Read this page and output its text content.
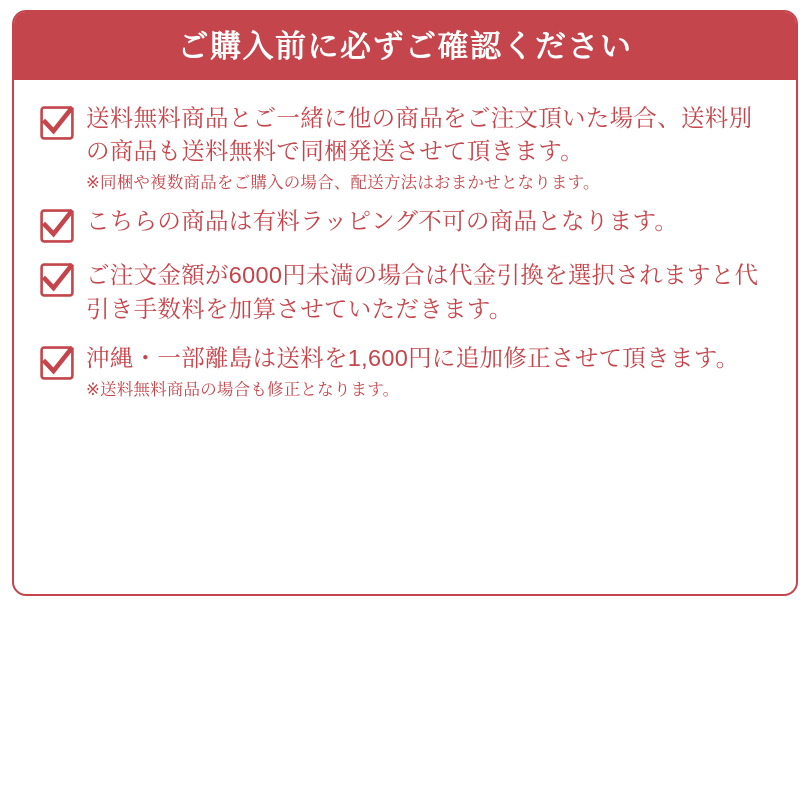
ご購入前に必ずご確認ください
送料無料商品とご一緒に他の商品をご注文頂いた場合、送料別の商品も送料無料で同梱発送させて頂きます。
※同梱や複数商品をご購入の場合、配送方法はおまかせとなります。
こちらの商品は有料ラッピング不可の商品となります。
ご注文金額が6000円未満の場合は代金引換を選択されますと代引き手数料を加算させていただきます。
沖縄・一部離島は送料を1,600円に追加修正させて頂きます。
※送料無料商品の場合も修正となります。
